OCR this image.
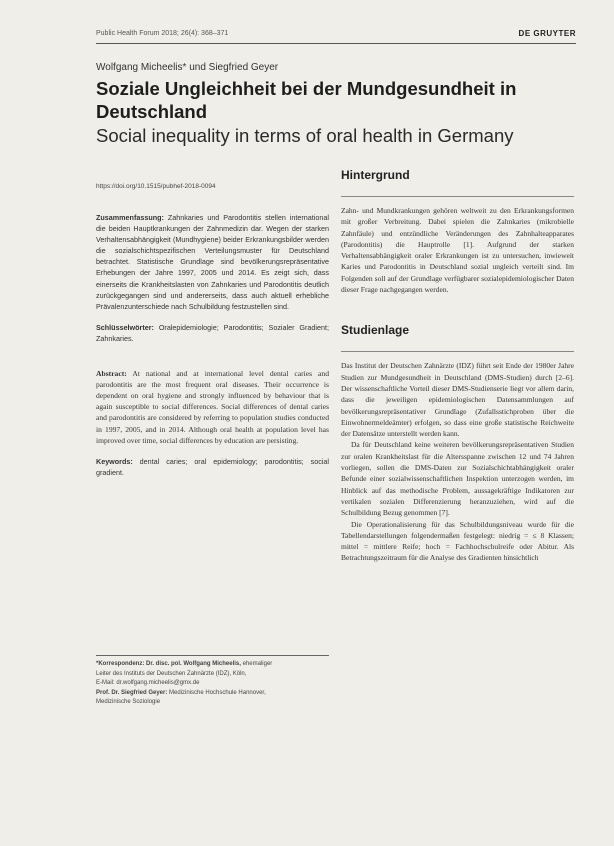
Public Health Forum 2018; 26(4): 368–371	DE GRUYTER
Wolfgang Micheelis* und Siegfried Geyer
Soziale Ungleichheit bei der Mundgesundheit in Deutschland
Social inequality in terms of oral health in Germany
https://doi.org/10.1515/pubhef-2018-0094

Zusammenfassung: Zahnkaries und Parodontitis stellen international die beiden Hauptkrankungen der Zahnmedizin dar. Wegen der starken Verhaltensabhängigkeit (Mundhygiene) beider Erkrankungsbilder werden die sozialschichtspezifischen Verteilungsmuster für Deutschland betrachtet. Statistische Grundlage sind bevölkerungsrepräsentative Erhebungen der Jahre 1997, 2005 und 2014. Es zeigt sich, dass einerseits die Krankheitslasten von Zahnkaries und Parodontitis deutlich zurückgegangen sind und andererseits, dass auch aktuell erhebliche Prävalenzunterschiede nach Schulbildung festzustellen sind.

Schlüsselwörter: Oralepidemiologie; Parodontitis; Sozialer Gradient; Zahnkaries.

Abstract: At national and at international level dental caries and parodontitis are the most frequent oral diseases. Their occurrence is dependent on oral hygiene and strongly influenced by behaviour that is again susceptible to social differences. Social differences of dental caries and parodontitis are considered by referring to population studies conducted in 1997, 2005, and in 2014. Although oral health at population level has improved over time, social differences by education are persisting.

Keywords: dental caries; oral epidemiology; parodontitis; social gradient.

*Korrespondenz: Dr. disc. pol. Wolfgang Micheelis, ehemaliger

Leiter des Instituts der Deutschen Zahnärzte (IDZ), Köln,

E-Mail: dr.wolfgang.micheelis@gmx.de

Prof. Dr. Siegfried Geyer: Medizinische Hochschule Hannover,

Medizinische Soziologie

Hintergrund

Zahn- und Mundkrankungen gehören weltweit zu den Erkrankungsformen mit großer Verbreitung. Dabei spielen die Zahnkaries (mikrobielle Zahnfäule) und entzündliche Veränderungen des Zahnhalteapparates (Parodontitis) die Hauptrolle [1]. Aufgrund der starken Verhaltensabhängigkeit oraler Erkrankungen ist zu untersuchen, inwieweit Karies und Parodontitis in Deutschland sozial ungleich verteilt sind. Im Folgenden soll auf der Grundlage verfügbarer sozialepidemiologischer Daten dieser Frage nachgegangen werden.

Studienlage

Das Institut der Deutschen Zahnärzte (IDZ) führt seit Ende der 1980er Jahre Studien zur Mundgesundheit in Deutschland (DMS-Studien) durch [2–6]. Der wissenschaftliche Vorteil dieser DMS-Studienserie liegt vor allem darin, dass die jeweiligen epidemiologischen Datensammlungen auf bevölkerungsrepräsentativer Grundlage (Zufallsstichproben über die Einwohnermeldeämter) erfolgen, so dass eine große statistische Reichweite der Datensätze unterstellt werden kann.

Da für Deutschland keine weiteren bevölkerungsrepräsentativen Studien zur oralen Krankheitslast für die Altersspanne zwischen 12 und 74 Jahren vorliegen, sollen die DMS-Daten zur Sozialschichtabhängigkeit oraler Befunde einer sozialwissenschaftlichen Inspektion unterzogen werden, im Hinblick auf das methodische Problem, aussagekräftige Indikatoren zur vertikalen sozialen Differenzierung heranzuziehen, wird auf die Schulbildung Bezug genommen [7].

Die Operationalisierung für das Schulbildungsniveau wurde für die Tabellendarstellungen folgendermaßen festgelegt: niedrig = ≤ 8 Klassen; mittel = mittlere Reife; hoch = Fachhochschulreife oder Abitur. Als Betrachtungszeitraum für die Analyse des Gradienten hinsichtlich
